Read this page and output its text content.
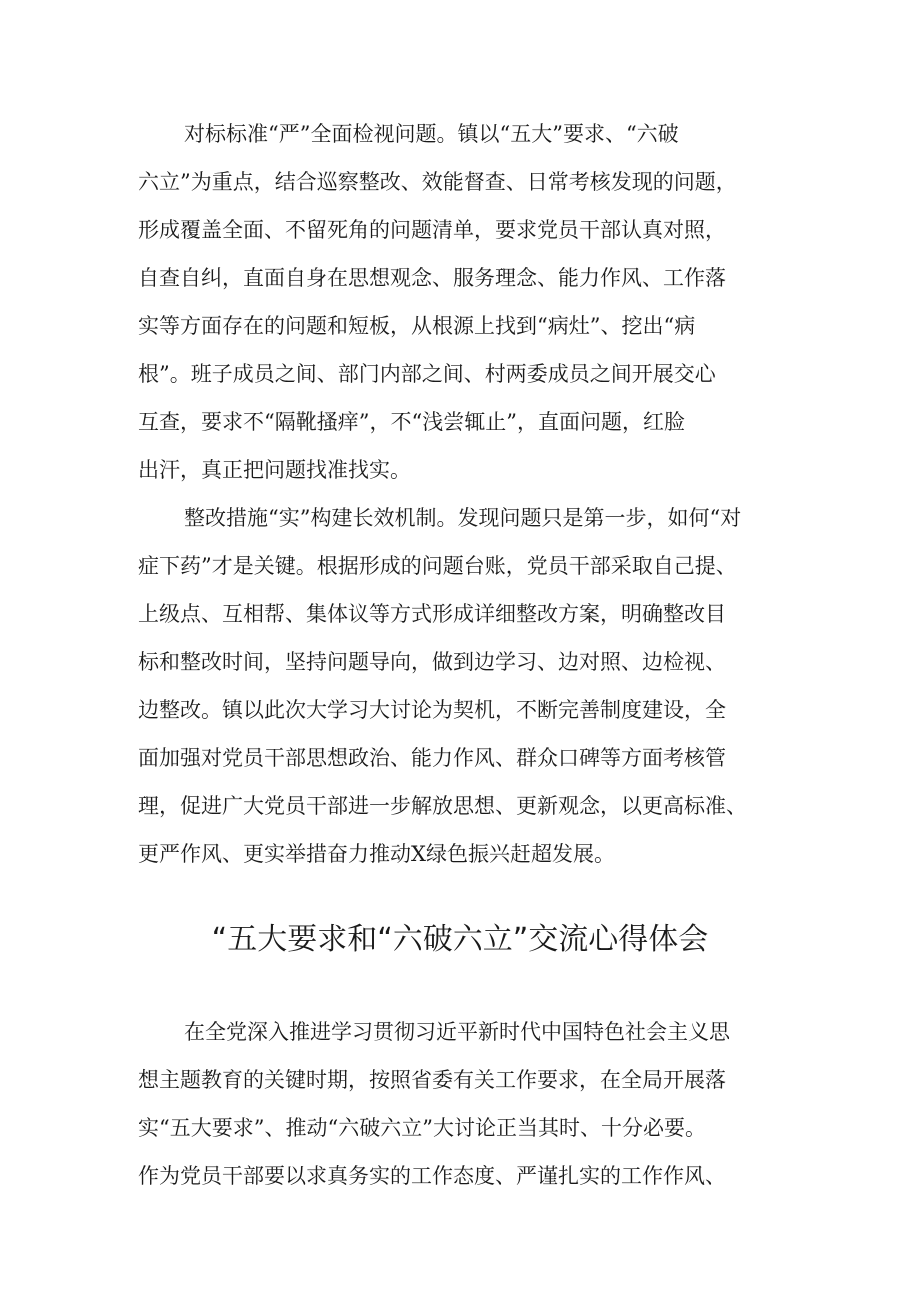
对标标准“严”全面检视问题。镇以“五大”要求、“六破
六立”为重点，结合巡察整改、效能督查、日常考核发现的问题，
形成覆盖全面、不留死角的问题清单，要求党员干部认真对照，
自查自纠，直面自身在思想观念、服务理念、能力作风、工作落
实等方面存在的问题和短板，从根源上找到“病灶”、挖出“病
根”。班子成员之间、部门内部之间、村两委成员之间开展交心
互查，要求不“隔靴搔痒”，不“浅尝辄止”，直面问题，红脸
出汗，真正把问题找准找实。
整改措施“实”构建长效机制。发现问题只是第一步，如何“对
症下药”才是关键。根据形成的问题台账，党员干部采取自己提、
上级点、互相帮、集体议等方式形成详细整改方案，明确整改目
标和整改时间，坚持问题导向，做到边学习、边对照、边检视、
边整改。镇以此次大学习大讨论为契机，不断完善制度建设，全
面加强对党员干部思想政治、能力作风、群众口碑等方面考核管
理，促进广大党员干部进一步解放思想、更新观念，以更高标准、
更严作风、更实举措奋力推动X绿色振兴赶超发展。
“五大要求和“六破六立”交流心得体会
在全党深入推进学习贯彻习近平新时代中国特色社会主义思
想主题教育的关键时期，按照省委有关工作要求，在全局开展落
实“五大要求”、推动“六破六立”大讨论正当其时、十分必要。
作为党员干部要以求真务实的工作态度、严谨扎实的工作作风、
